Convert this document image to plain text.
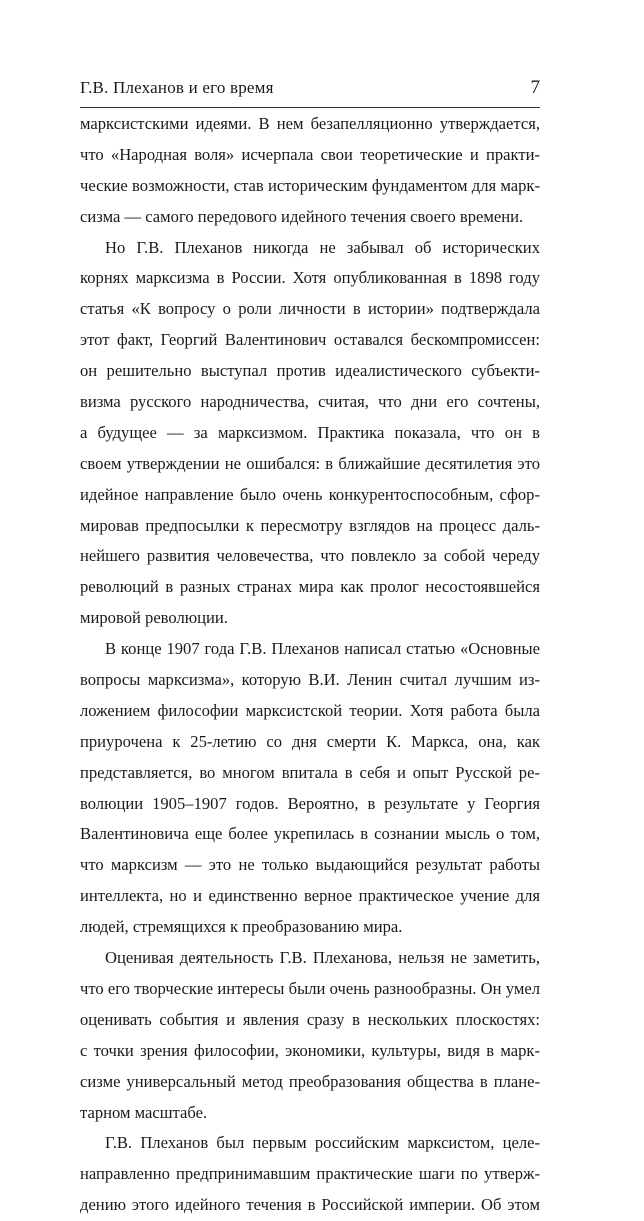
Г.В. Плеханов и его время	7
марксистскими идеями. В нем безапелляционно утверждается,
что «Народная воля» исчерпала свои теоретические и практи-
ческие возможности, став историческим фундаментом для марк-
сизма — самого передового идейного течения своего времени.
Но Г.В. Плеханов никогда не забывал об исторических
корнях марксизма в России. Хотя опубликованная в 1898 году
статья «К вопросу о роли личности в истории» подтверждала
этот факт, Георгий Валентинович оставался бескомпромиссен:
он решительно выступал против идеалистического субъекти-
визма русского народничества, считая, что дни его сочтены,
а будущее — за марксизмом. Практика показала, что он в
своем утверждении не ошибался: в ближайшие десятилетия это
идейное направление было очень конкурентоспособным, сфор-
мировав предпосылки к пересмотру взглядов на процесс даль-
нейшего развития человечества, что повлекло за собой череду
революций в разных странах мира как пролог несостоявшейся
мировой революции.
В конце 1907 года Г.В. Плеханов написал статью «Основные
вопросы марксизма», которую В.И. Ленин считал лучшим из-
ложением философии марксистской теории. Хотя работа была
приурочена к 25-летию со дня смерти К. Маркса, она, как
представляется, во многом впитала в себя и опыт Русской ре-
волюции 1905–1907 годов. Вероятно, в результате у Георгия
Валентиновича еще более укрепилась в сознании мысль о том,
что марксизм — это не только выдающийся результат работы
интеллекта, но и единственно верное практическое учение для
людей, стремящихся к преобразованию мира.
Оценивая деятельность Г.В. Плеханова, нельзя не заметить,
что его творческие интересы были очень разнообразны. Он умел
оценивать события и явления сразу в нескольких плоскостях:
с точки зрения философии, экономики, культуры, видя в марк-
сизме универсальный метод преобразования общества в плане-
тарном масштабе.
Г.В. Плеханов был первым российским марксистом, целе-
направленно предпринимавшим практические шаги по утверж-
дению этого идейного течения в Российской империи. Об этом
